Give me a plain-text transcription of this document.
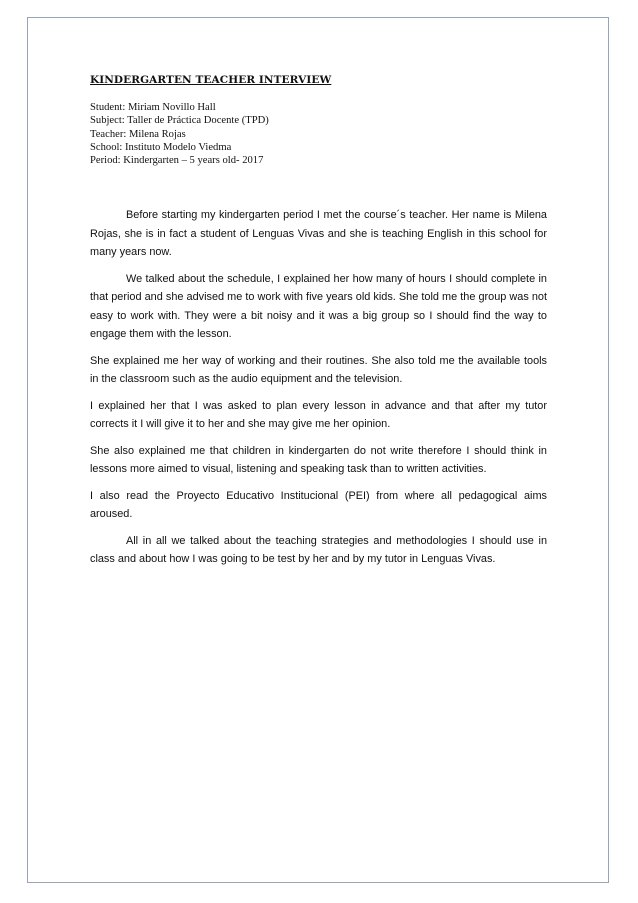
KINDERGARTEN TEACHER INTERVIEW
Student: Miriam Novillo Hall
Subject: Taller de Práctica Docente (TPD)
Teacher: Milena Rojas
School: Instituto Modelo Viedma
Period: Kindergarten – 5 years old- 2017

Before starting my kindergarten period I met the course´s teacher. Her name is Milena Rojas, she is in fact a student of Lenguas Vivas and she is teaching English in this school for many years now.

We talked about the schedule, I explained her how many of hours I should complete in that period and she advised me to work with five years old kids. She told me the group was not easy to work with. They were a bit noisy and it was a big group so I should find the way to engage them with the lesson.

She explained me her way of working and their routines. She also told me the available tools in the classroom such as the audio equipment and the television.

I explained her that I was asked to plan every lesson in advance and that after my tutor corrects it I will give it to her and she may give me her opinion.

She also explained me that children in kindergarten do not write therefore I should think in lessons more aimed to visual, listening and speaking task than to written activities.

I also read the Proyecto Educativo Institucional (PEI) from where all pedagogical aims aroused.

All in all we talked about the teaching strategies and methodologies I should use in class and about how I was going to be test by her and by my tutor in Lenguas Vivas.
